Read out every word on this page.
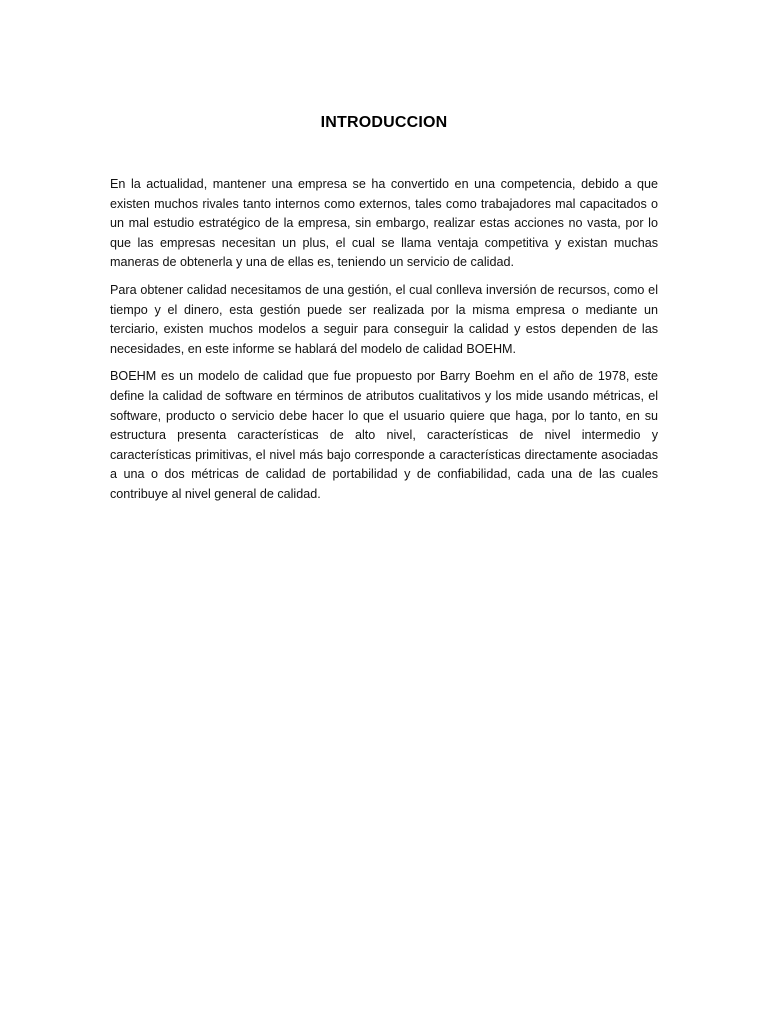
INTRODUCCION

En la actualidad, mantener una empresa se ha convertido en una competencia, debido a que existen muchos rivales tanto internos como externos, tales como trabajadores mal capacitados o un mal estudio estratégico de la empresa, sin embargo, realizar estas acciones no vasta, por lo que las empresas necesitan un plus, el cual se llama ventaja competitiva y existan muchas maneras de obtenerla y una de ellas es, teniendo un servicio de calidad.

Para obtener calidad necesitamos de una gestión, el cual conlleva inversión de recursos, como el tiempo y el dinero, esta gestión puede ser realizada por la misma empresa o mediante un terciario, existen muchos modelos a seguir para conseguir la calidad y estos dependen de las necesidades, en este informe se hablará del modelo de calidad BOEHM.

BOEHM es un modelo de calidad que fue propuesto por Barry Boehm en el año de 1978, este define la calidad de software en términos de atributos cualitativos y los mide usando métricas, el software, producto o servicio debe hacer lo que el usuario quiere que haga, por lo tanto, en su estructura presenta características de alto nivel, características de nivel intermedio y características primitivas, el nivel más bajo corresponde a características directamente asociadas a una o dos métricas de calidad de portabilidad y de confiabilidad, cada una de las cuales contribuye al nivel general de calidad.
